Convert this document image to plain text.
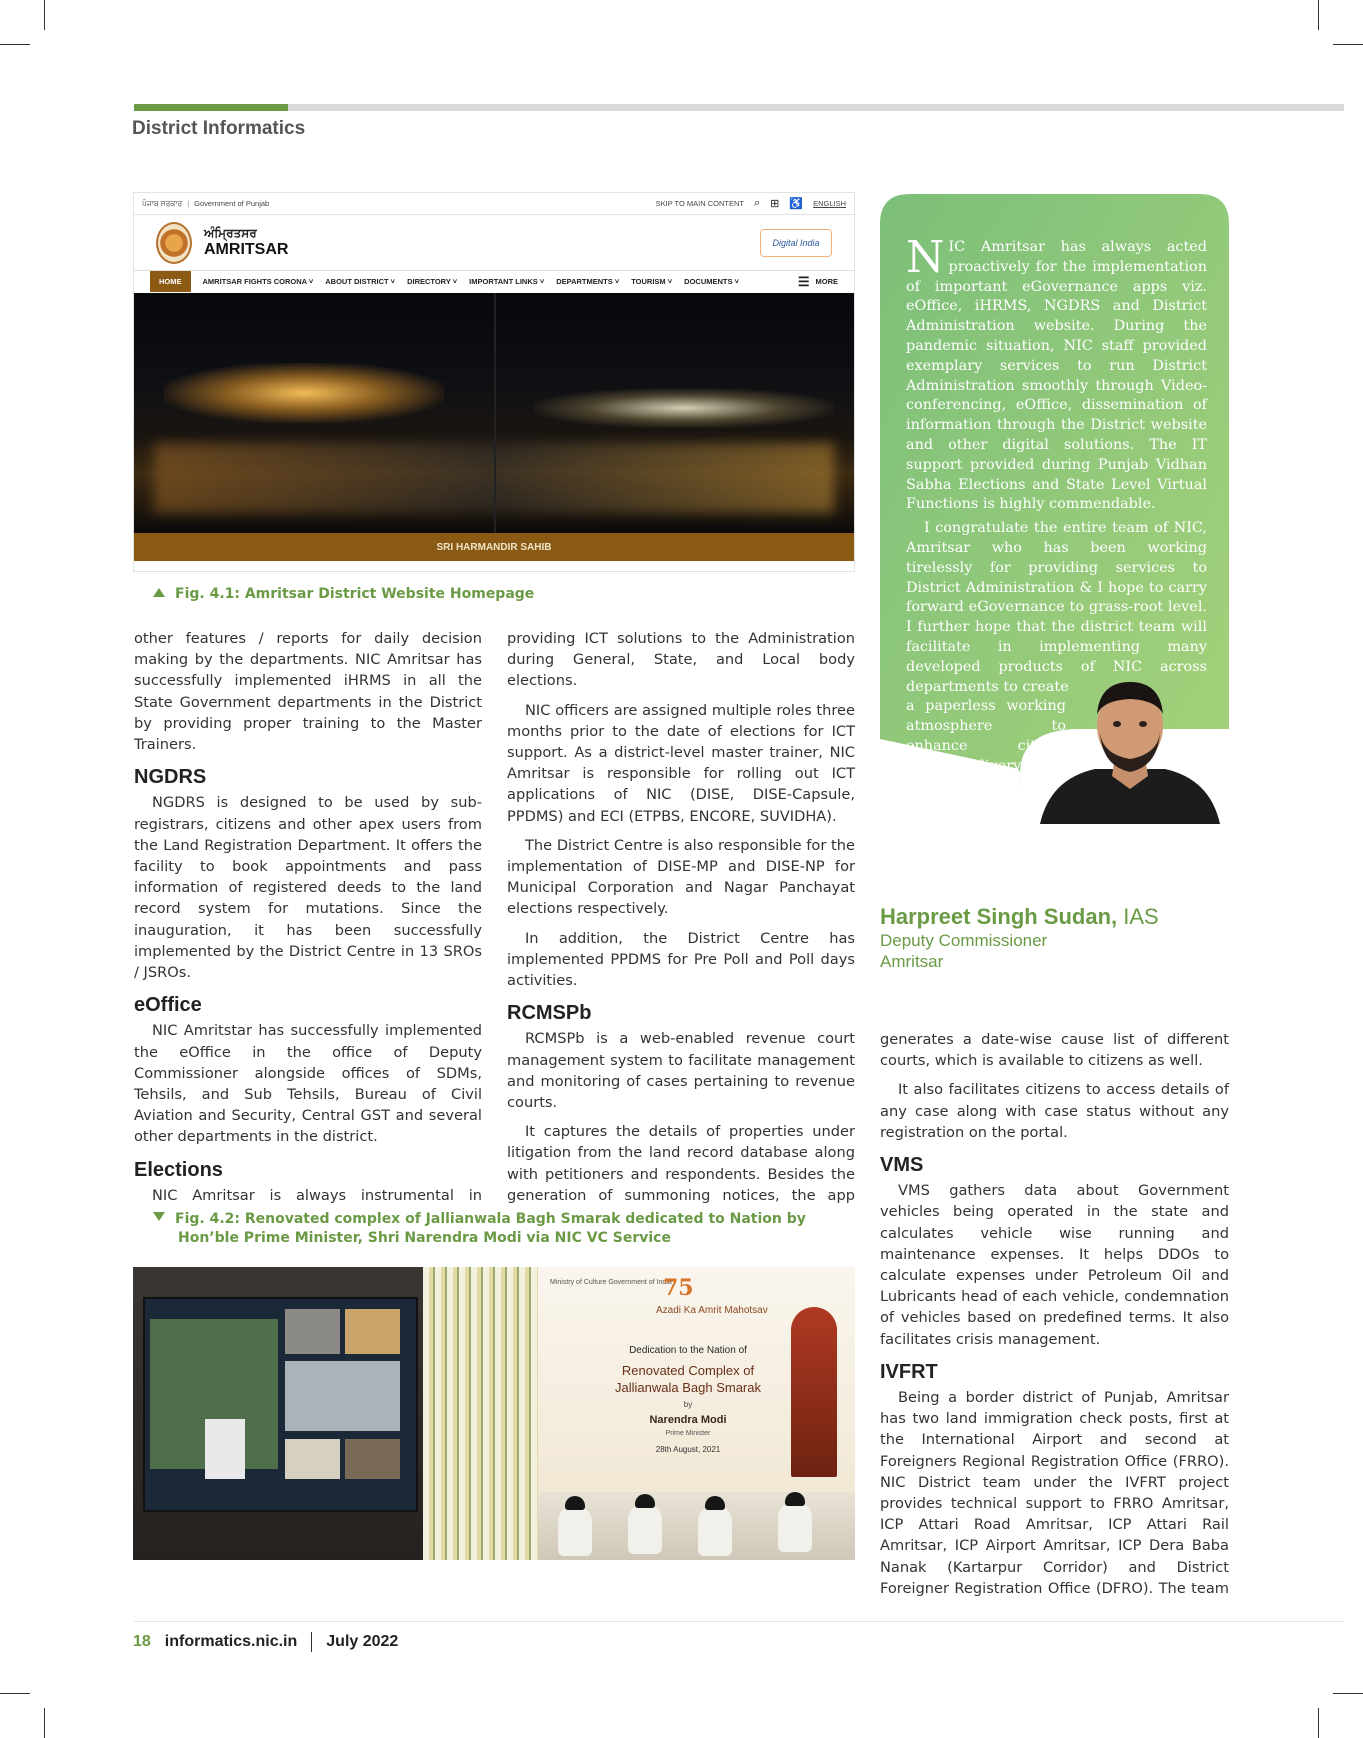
District Informatics
ਪੰਜਾਬ ਸਰਕਾਰ | Government of Punjab	SKIP TO MAIN CONTENT ⌕ ⊞ ♿ ENGLISH
ਅੰਮ੍ਰਿਤਸਰ
AMRITSAR	Digital India
HOME	AMRITSAR FIGHTS CORONA ˅ ABOUT DISTRICT ˅ DIRECTORY ˅ IMPORTANT LINKS ˅ DEPARTMENTS ˅ TOURISM ˅ DOCUMENTS ˅	☰ MORE
SRI HARMANDIR SAHIB
Fig. 4.1: Amritsar District Website Homepage

other features / reports for daily decision making by the departments. NIC Amritsar has successfully implemented iHRMS in all the State Government departments in the District by providing proper training to the Master Trainers.

NGDRS

NGDRS is designed to be used by sub-registrars, citizens and other apex users from the Land Registration Department. It offers the facility to book appointments and pass information of registered deeds to the land record system for mutations. Since the inauguration, it has been successfully implemented by the District Centre in 13 SROs / JSROs.

eOffice

NIC Amritstar has successfully implemented the eOffice in the office of Deputy Commissioner alongside offices of SDMs, Tehsils, and Sub Tehsils, Bureau of Civil Aviation and Security, Central GST and several other departments in the district.

Elections

NIC Amritsar is always instrumental in

providing ICT solutions to the Administration during General, State, and Local body elections.

NIC officers are assigned multiple roles three months prior to the date of elections for ICT support. As a district-level master trainer, NIC Amritsar is responsible for rolling out ICT applications of NIC (DISE, DISE-Capsule, PPDMS) and ECI (ETPBS, ENCORE, SUVIDHA).

The District Centre is also responsible for the implementation of DISE-MP and DISE-NP for Municipal Corporation and Nagar Panchayat elections respectively.

In addition, the District Centre has implemented PPDMS for Pre Poll and Poll days activities.

RCMSPb

RCMSPb is a web-enabled revenue court management system to facilitate management and monitoring of cases pertaining to revenue courts.

It captures the details of properties under litigation from the land record database along with petitioners and respondents. Besides the generation of summoning notices, the app

NIC Amritsar has always acted proactively for the implementation of important eGovernance apps viz. eOffice, iHRMS, NGDRS and District Administration website. During the pandemic situation, NIC staff provided exemplary services to run District Administration smoothly through Video-conferencing, eOffice, dissemination of information through the District website and other digital solutions. The IT support provided during Punjab Vidhan Sabha Elections and State Level Virtual Functions is highly commendable.

I congratulate the entire team of NIC, Amritsar who has been working tirelessly for providing services to District Administration & I hope to carry forward eGovernance to grass-root level. I further hope that the district team will facilitate in implementing many developed products of NIC across departments to create

a paperless working atmosphere to enhance citizen service delivery.

Harpreet Singh Sudan, IAS
Deputy Commissioner
Amritsar

generates a date-wise cause list of different courts, which is available to citizens as well.

It also facilitates citizens to access details of any case along with case status without any registration on the portal.

VMS

VMS gathers data about Government vehicles being operated in the state and calculates vehicle wise running and maintenance expenses. It helps DDOs to calculate expenses under Petroleum Oil and Lubricants head of each vehicle, condemnation of vehicles based on predefined terms. It also facilitates crisis management.

IVFRT

Being a border district of Punjab, Amritsar has two land immigration check posts, first at the International Airport and second at Foreigners Regional Registration Office (FRRO). NIC District team under the IVFRT project provides technical support to FRRO Amritsar, ICP Attari Road Amritsar, ICP Attari Rail Amritsar, ICP Airport Amritsar, ICP Dera Baba Nanak (Kartarpur Corridor) and District Foreigner Registration Office (DFRO). The team

Fig. 4.2: Renovated complex of Jallianwala Bagh Smarak dedicated to Nation by
Hon’ble Prime Minister, Shri Narendra Modi via NIC VC Service
Ministry of Culture Government of India
75
Azadi Ka Amrit Mahotsav
Dedication to the Nation of
Renovated Complex of
Jallianwala Bagh Smarak
by
Narendra Modi
Prime Minister
28th August, 2021
18 informatics.nic.in July 2022
